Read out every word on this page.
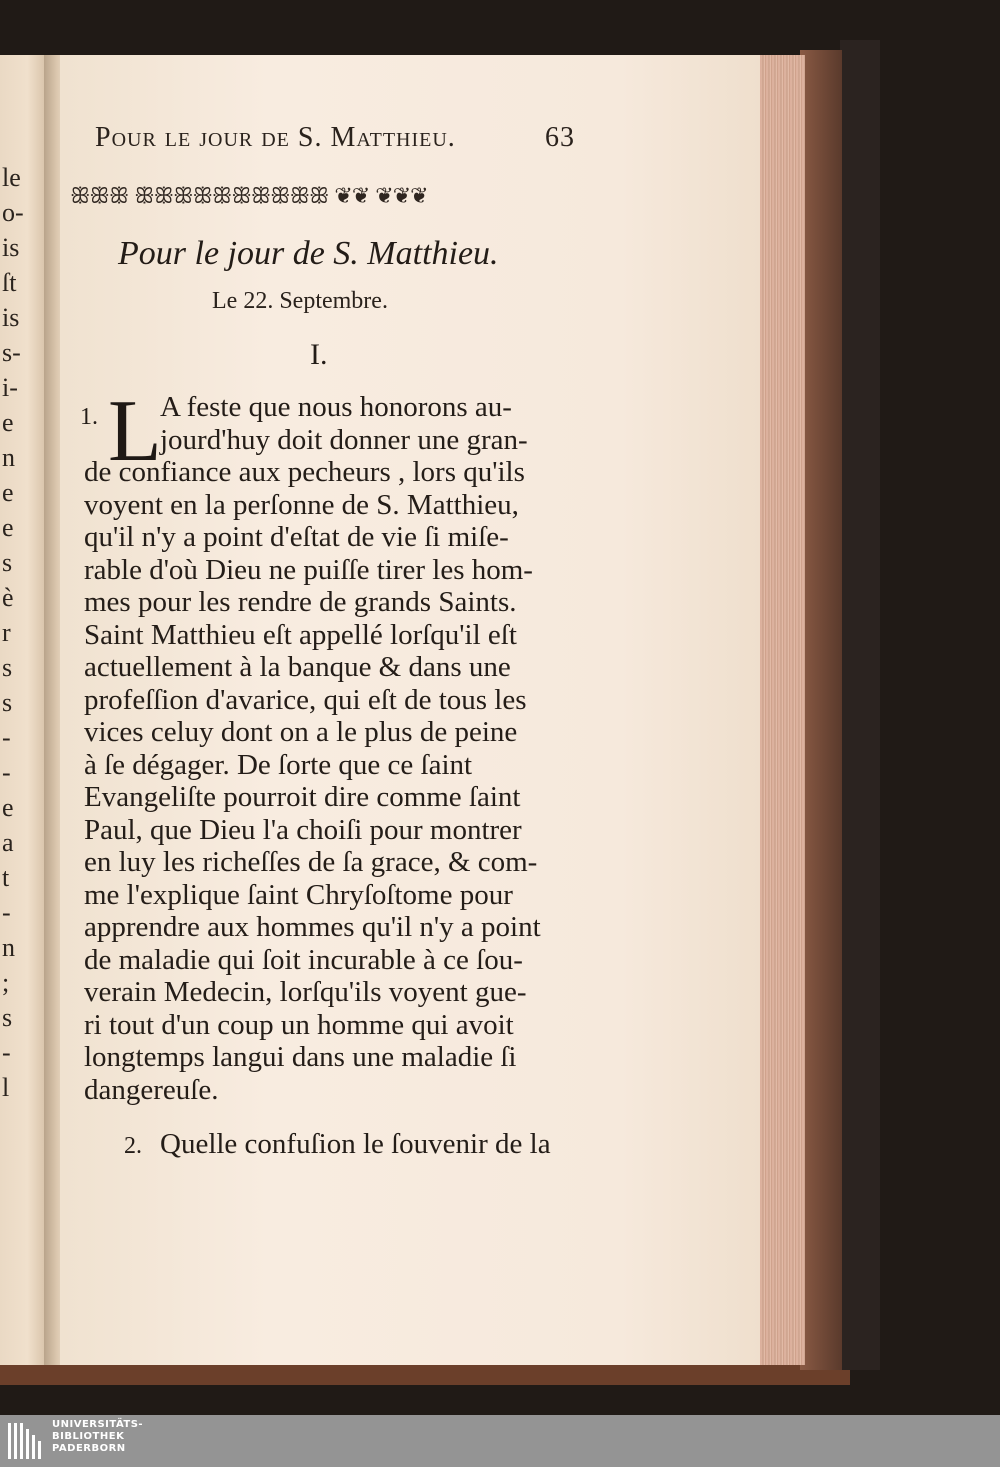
le
o-
is
ſt
is
s-
i-
e
n
e
e
s
è
r
s
s
-
-
e
a
t
-
n
;
s
-
l
Pour le jour de S. Matthieu.	63
ꕥꕥꕥ ꕥꕥꕥꕥꕥꕥꕥꕥꕥꕥ ❦❦ ❦❦❦
Pour le jour de S. Matthieu.
Le 22. Septembre.
I.
1. L
A feste que nous honorons au-
jourd'huy doit donner une gran-
de confiance aux pecheurs , lors qu'ils
voyent en la perſonne de S. Matthieu,
qu'il n'y a point d'eſtat de vie ſi miſe-
rable d'où Dieu ne puiſſe tirer les hom-
mes pour les rendre de grands Saints.
Saint Matthieu eſt appellé lorſqu'il eſt
actuellement à la banque & dans une
profeſſion d'avarice, qui eſt de tous les
vices celuy dont on a le plus de peine
à ſe dégager. De ſorte que ce ſaint
Evangeliſte pourroit dire comme ſaint
Paul, que Dieu l'a choiſi pour montrer
en luy les richeſſes de ſa grace, & com-
me l'explique ſaint Chryſoſtome pour
apprendre aux hommes qu'il n'y a point
de maladie qui ſoit incurable à ce ſou-
verain Medecin, lorſqu'ils voyent gue-
ri tout d'un coup un homme qui avoit
longtemps langui dans une maladie ſi
dangereuſe.
2. Quelle confuſion le ſouvenir de la
UNIVERSITÄTS-
BIBLIOTHEK
PADERBORN
